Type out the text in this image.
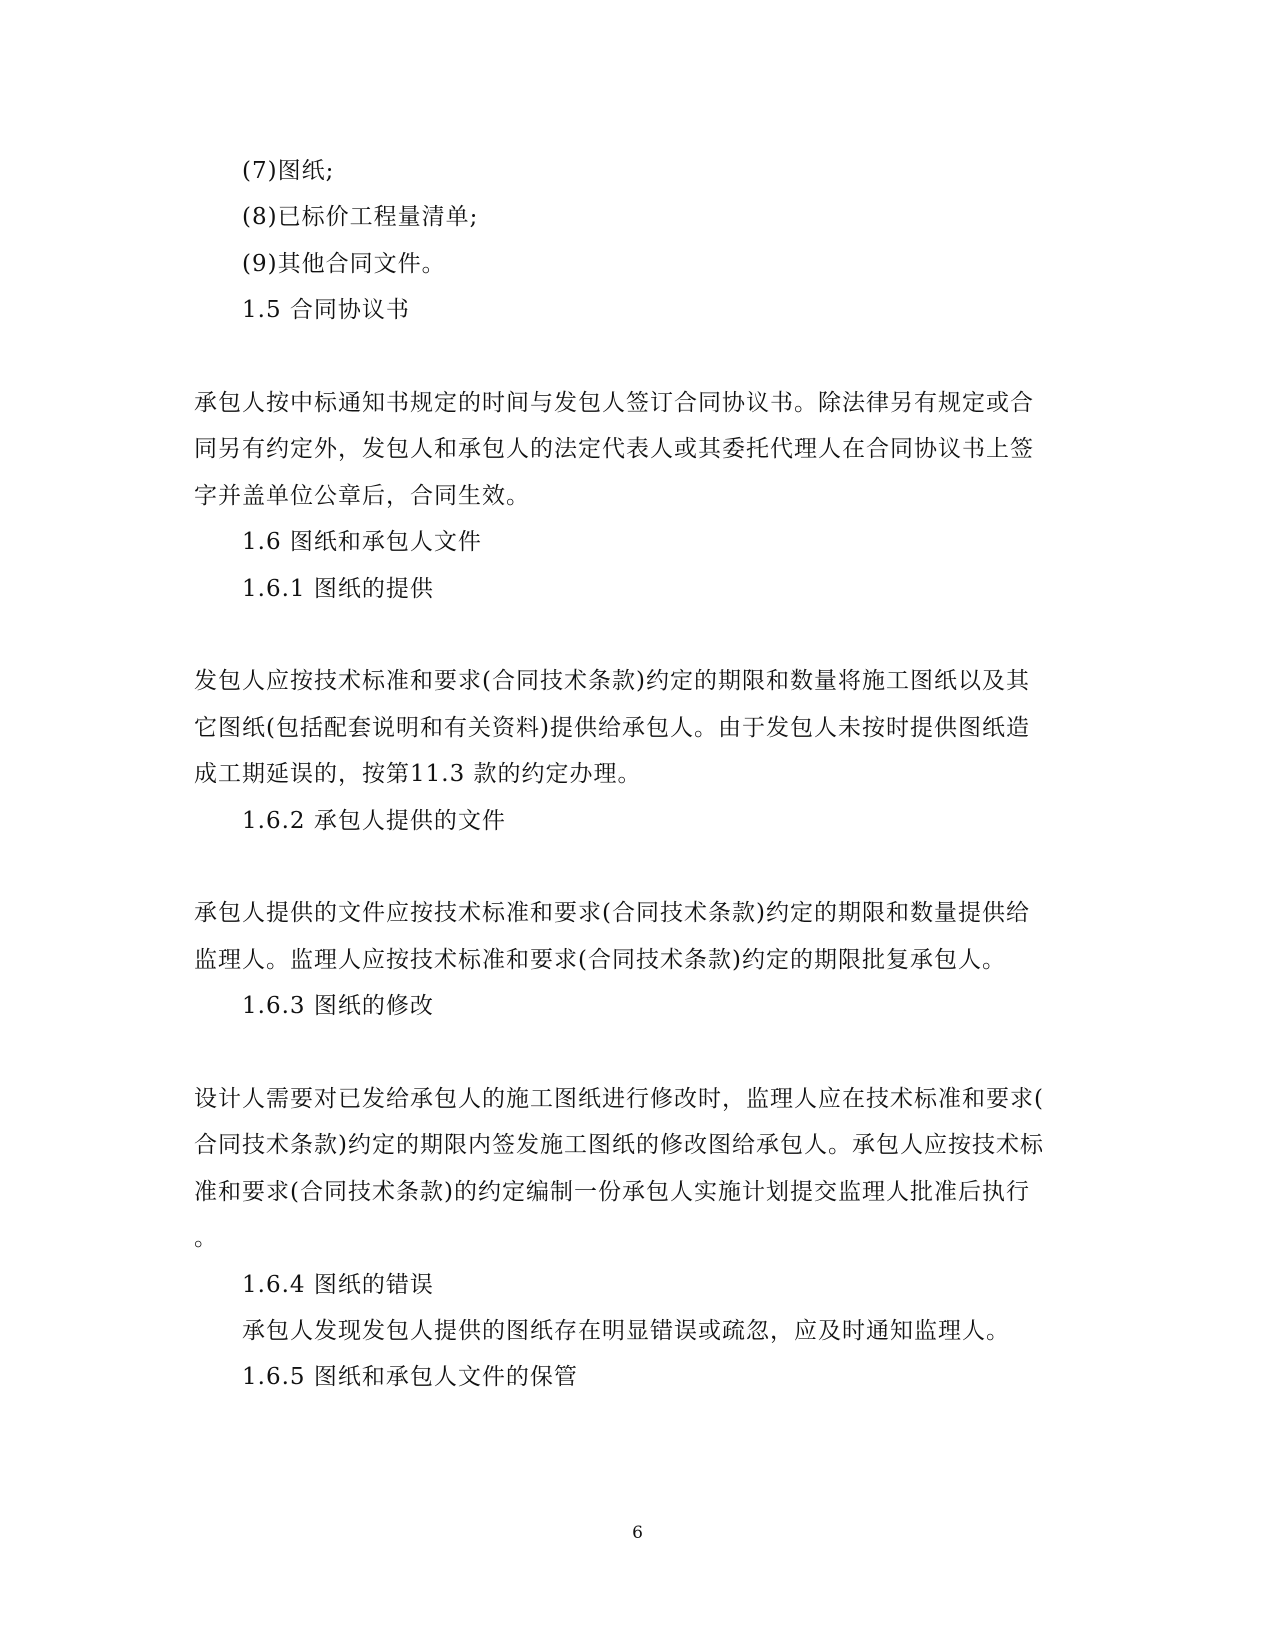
(7)图纸;
(8)已标价工程量清单;
(9)其他合同文件。
1.5 合同协议书
承包人按中标通知书规定的时间与发包人签订合同协议书。除法律另有规定或合
同另有约定外，发包人和承包人的法定代表人或其委托代理人在合同协议书上签
字并盖单位公章后，合同生效。
1.6 图纸和承包人文件
1.6.1 图纸的提供
发包人应按技术标准和要求(合同技术条款)约定的期限和数量将施工图纸以及其
它图纸(包括配套说明和有关资料)提供给承包人。由于发包人未按时提供图纸造
成工期延误的，按第11.3 款的约定办理。
1.6.2 承包人提供的文件
承包人提供的文件应按技术标准和要求(合同技术条款)约定的期限和数量提供给
监理人。监理人应按技术标准和要求(合同技术条款)约定的期限批复承包人。
1.6.3 图纸的修改
设计人需要对已发给承包人的施工图纸进行修改时，监理人应在技术标准和要求(
合同技术条款)约定的期限内签发施工图纸的修改图给承包人。承包人应按技术标
准和要求(合同技术条款)的约定编制一份承包人实施计划提交监理人批准后执行
。
1.6.4 图纸的错误
承包人发现发包人提供的图纸存在明显错误或疏忽，应及时通知监理人。
1.6.5 图纸和承包人文件的保管
6
